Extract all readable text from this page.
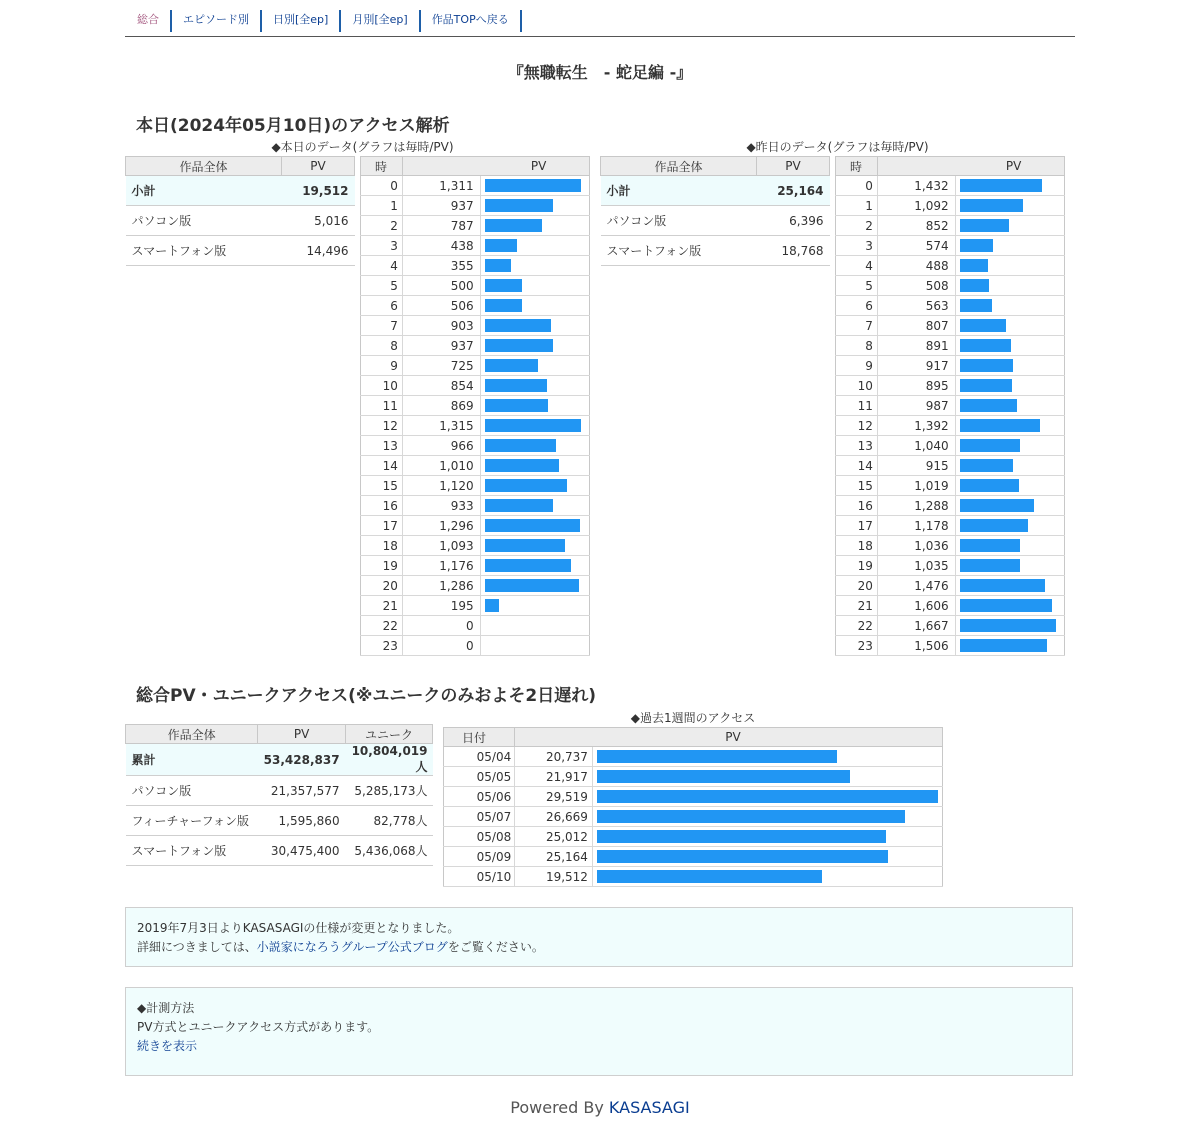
総合	エピソード別	日別[全ep]	月別[全ep]	作品TOPへ戻る
『無職転生　- 蛇足編 -』
本日(2024年05月10日)のアクセス解析
◆本日のデータ(グラフは毎時/PV)	◆昨日のデータ(グラフは毎時/PV)
作品全体	PV
小計	19,512
パソコン版	5,016
スマートフォン版	14,496
時	PV	
0	1,311	

1	937	

2	787	

3	438	

4	355	

5	500	

6	506	

7	903	

8	937	

9	725	

10	854	

11	869	

12	1,315	

13	966	

14	1,010	

15	1,120	

16	933	

17	1,296	

18	1,093	

19	1,176	

20	1,286	

21	195	

22	0	
23	0	
作品全体	PV
小計	25,164
パソコン版	6,396
スマートフォン版	18,768
時	PV	
0	1,432	

1	1,092	

2	852	

3	574	

4	488	

5	508	

6	563	

7	807	

8	891	

9	917	

10	895	

11	987	

12	1,392	

13	1,040	

14	915	

15	1,019	

16	1,288	

17	1,178	

18	1,036	

19	1,035	

20	1,476	

21	1,606	

22	1,667	

23	1,506	
総合PV・ユニークアクセス(※ユニークのみおよそ2日遅れ)
作品全体	PV	ユニーク
累計	53,428,837	10,804,019人
パソコン版	21,357,577	5,285,173人
フィーチャーフォン版	1,595,860	82,778人
スマートフォン版	30,475,400	5,436,068人
◆過去1週間のアクセス
日付	PV	
05/04	20,737	

05/05	21,917	

05/06	29,519	

05/07	26,669	

05/08	25,012	

05/09	25,164	

05/10	19,512	
2019年7月3日よりKASASAGIの仕様が変更となりました。
詳細につきましては、小説家になろうグループ公式ブログをご覧ください。
◆計測方法
PV方式とユニークアクセス方式があります。
続きを表示
Powered By KASASAGI
